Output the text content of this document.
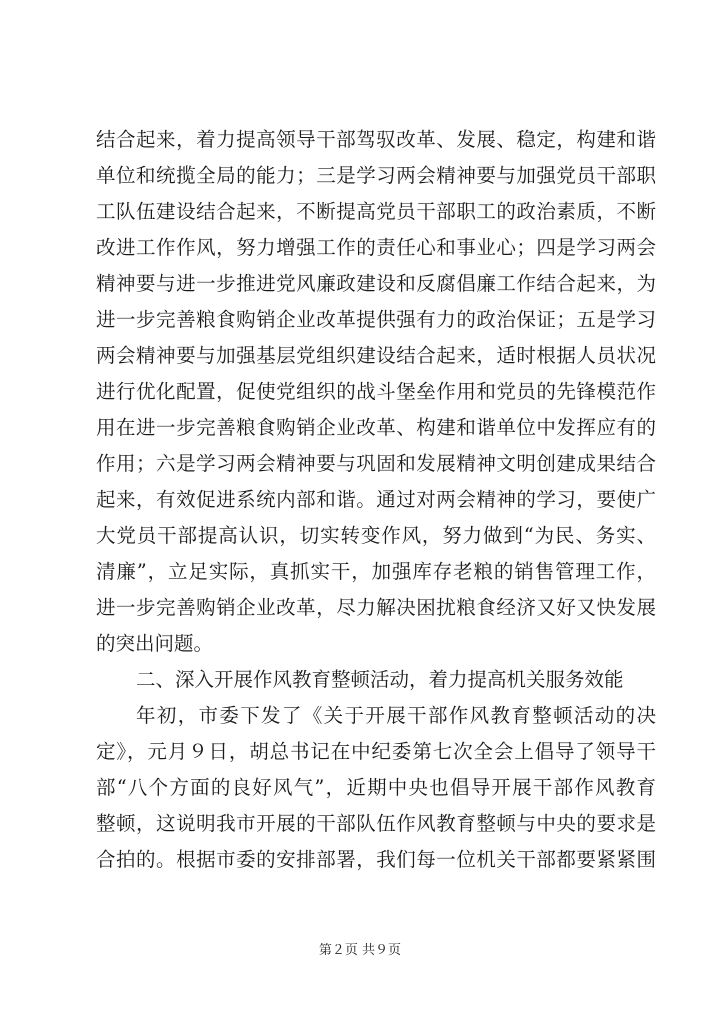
结合起来，着力提高领导干部驾驭改革、发展、稳定，构建和谐
单位和统揽全局的能力；三是学习两会精神要与加强党员干部职
工队伍建设结合起来，不断提高党员干部职工的政治素质，不断
改进工作作风，努力增强工作的责任心和事业心；四是学习两会
精神要与进一步推进党风廉政建设和反腐倡廉工作结合起来，为
进一步完善粮食购销企业改革提供强有力的政治保证；五是学习
两会精神要与加强基层党组织建设结合起来，适时根据人员状况
进行优化配置，促使党组织的战斗堡垒作用和党员的先锋模范作
用在进一步完善粮食购销企业改革、构建和谐单位中发挥应有的
作用；六是学习两会精神要与巩固和发展精神文明创建成果结合
起来，有效促进系统内部和谐。通过对两会精神的学习，要使广
大党员干部提高认识，切实转变作风，努力做到“为民、务实、
清廉”，立足实际，真抓实干，加强库存老粮的销售管理工作，
进一步完善购销企业改革，尽力解决困扰粮食经济又好又快发展
的突出问题。
二、深入开展作风教育整顿活动，着力提高机关服务效能
年初，市委下发了《关于开展干部作风教育整顿活动的决
定》，元月９日，胡总书记在中纪委第七次全会上倡导了领导干
部“八个方面的良好风气”，近期中央也倡导开展干部作风教育
整顿，这说明我市开展的干部队伍作风教育整顿与中央的要求是
合拍的。根据市委的安排部署，我们每一位机关干部都要紧紧围
第２页 共９页
